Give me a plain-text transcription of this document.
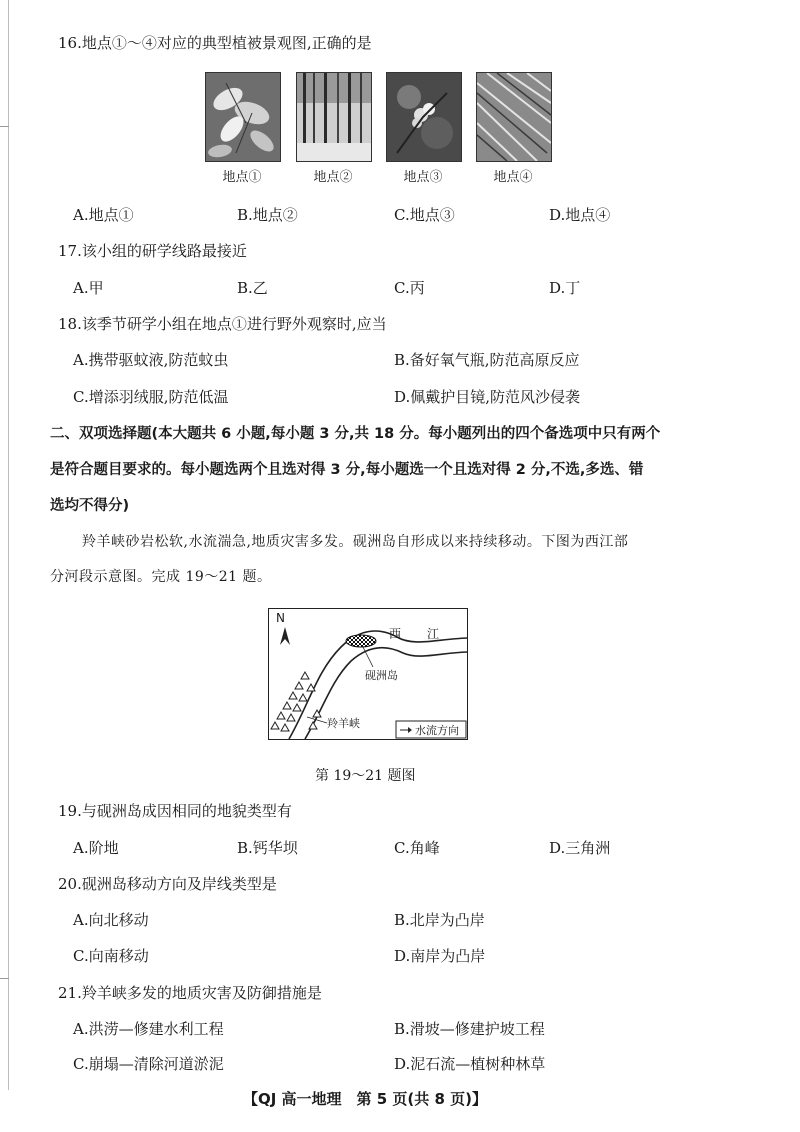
16.地点①～④对应的典型植被景观图,正确的是
地点①	地点②	地点③	地点④
A.地点①	B.地点②	C.地点③	D.地点④
17.该小组的研学线路最接近
A.甲	B.乙	C.丙	D.丁
18.该季节研学小组在地点①进行野外观察时,应当
A.携带驱蚊液,防范蚊虫	B.备好氧气瓶,防范高原反应
C.增添羽绒服,防范低温	D.佩戴护目镜,防范风沙侵袭
二、双项选择题(本大题共 6 小题,每小题 3 分,共 18 分。每小题列出的四个备选项中只有两个
是符合题目要求的。每小题选两个且选对得 3 分,每小题选一个且选对得 2 分,不选,多选、错
选均不得分)
羚羊峡砂岩松软,水流湍急,地质灾害多发。砚洲岛自形成以来持续移动。下图为西江部
分河段示意图。完成 19～21 题。
N
西 江
砚洲岛
羚羊峡
水流方向
第 19～21 题图
19.与砚洲岛成因相同的地貌类型有
A.阶地	B.钙华坝	C.角峰	D.三角洲
20.砚洲岛移动方向及岸线类型是
A.向北移动	B.北岸为凸岸
C.向南移动	D.南岸为凸岸
21.羚羊峡多发的地质灾害及防御措施是
A.洪涝—修建水利工程	B.滑坡—修建护坡工程
C.崩塌—清除河道淤泥	D.泥石流—植树种林草
【QJ 高一地理　第 5 页(共 8 页)】
